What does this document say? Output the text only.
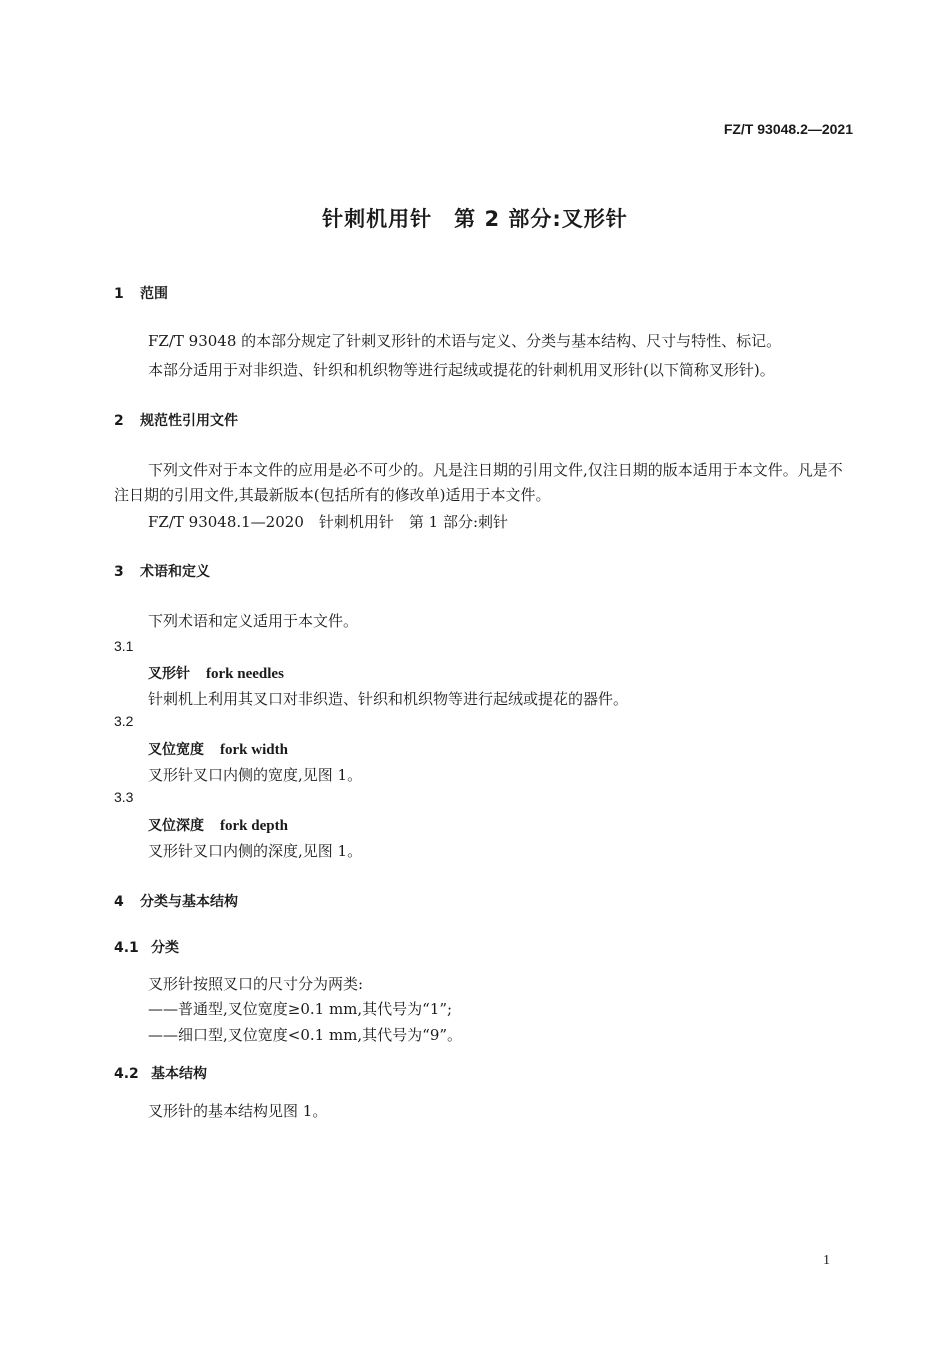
FZ/T 93048.2—2021
针刺机用针　第 2 部分:叉形针
1 范围
FZ/T 93048 的本部分规定了针刺叉形针的术语与定义、分类与基本结构、尺寸与特性、标记。
本部分适用于对非织造、针织和机织物等进行起绒或提花的针刺机用叉形针(以下简称叉形针)。
2 规范性引用文件
下列文件对于本文件的应用是必不可少的。凡是注日期的引用文件,仅注日期的版本适用于本文件。凡是不注日期的引用文件,其最新版本(包括所有的修改单)适用于本文件。
FZ/T 93048.1—2020　针刺机用针　第 1 部分:刺针
3 术语和定义
下列术语和定义适用于本文件。
3.1
叉形针 fork needles
针刺机上利用其叉口对非织造、针织和机织物等进行起绒或提花的器件。
3.2
叉位宽度 fork width
叉形针叉口内侧的宽度,见图 1。
3.3
叉位深度 fork depth
叉形针叉口内侧的深度,见图 1。
4 分类与基本结构
4.1 分类
叉形针按照叉口的尺寸分为两类:
——普通型,叉位宽度≥0.1 mm,其代号为“1”;
——细口型,叉位宽度<0.1 mm,其代号为“9”。
4.2 基本结构
叉形针的基本结构见图 1。
1
